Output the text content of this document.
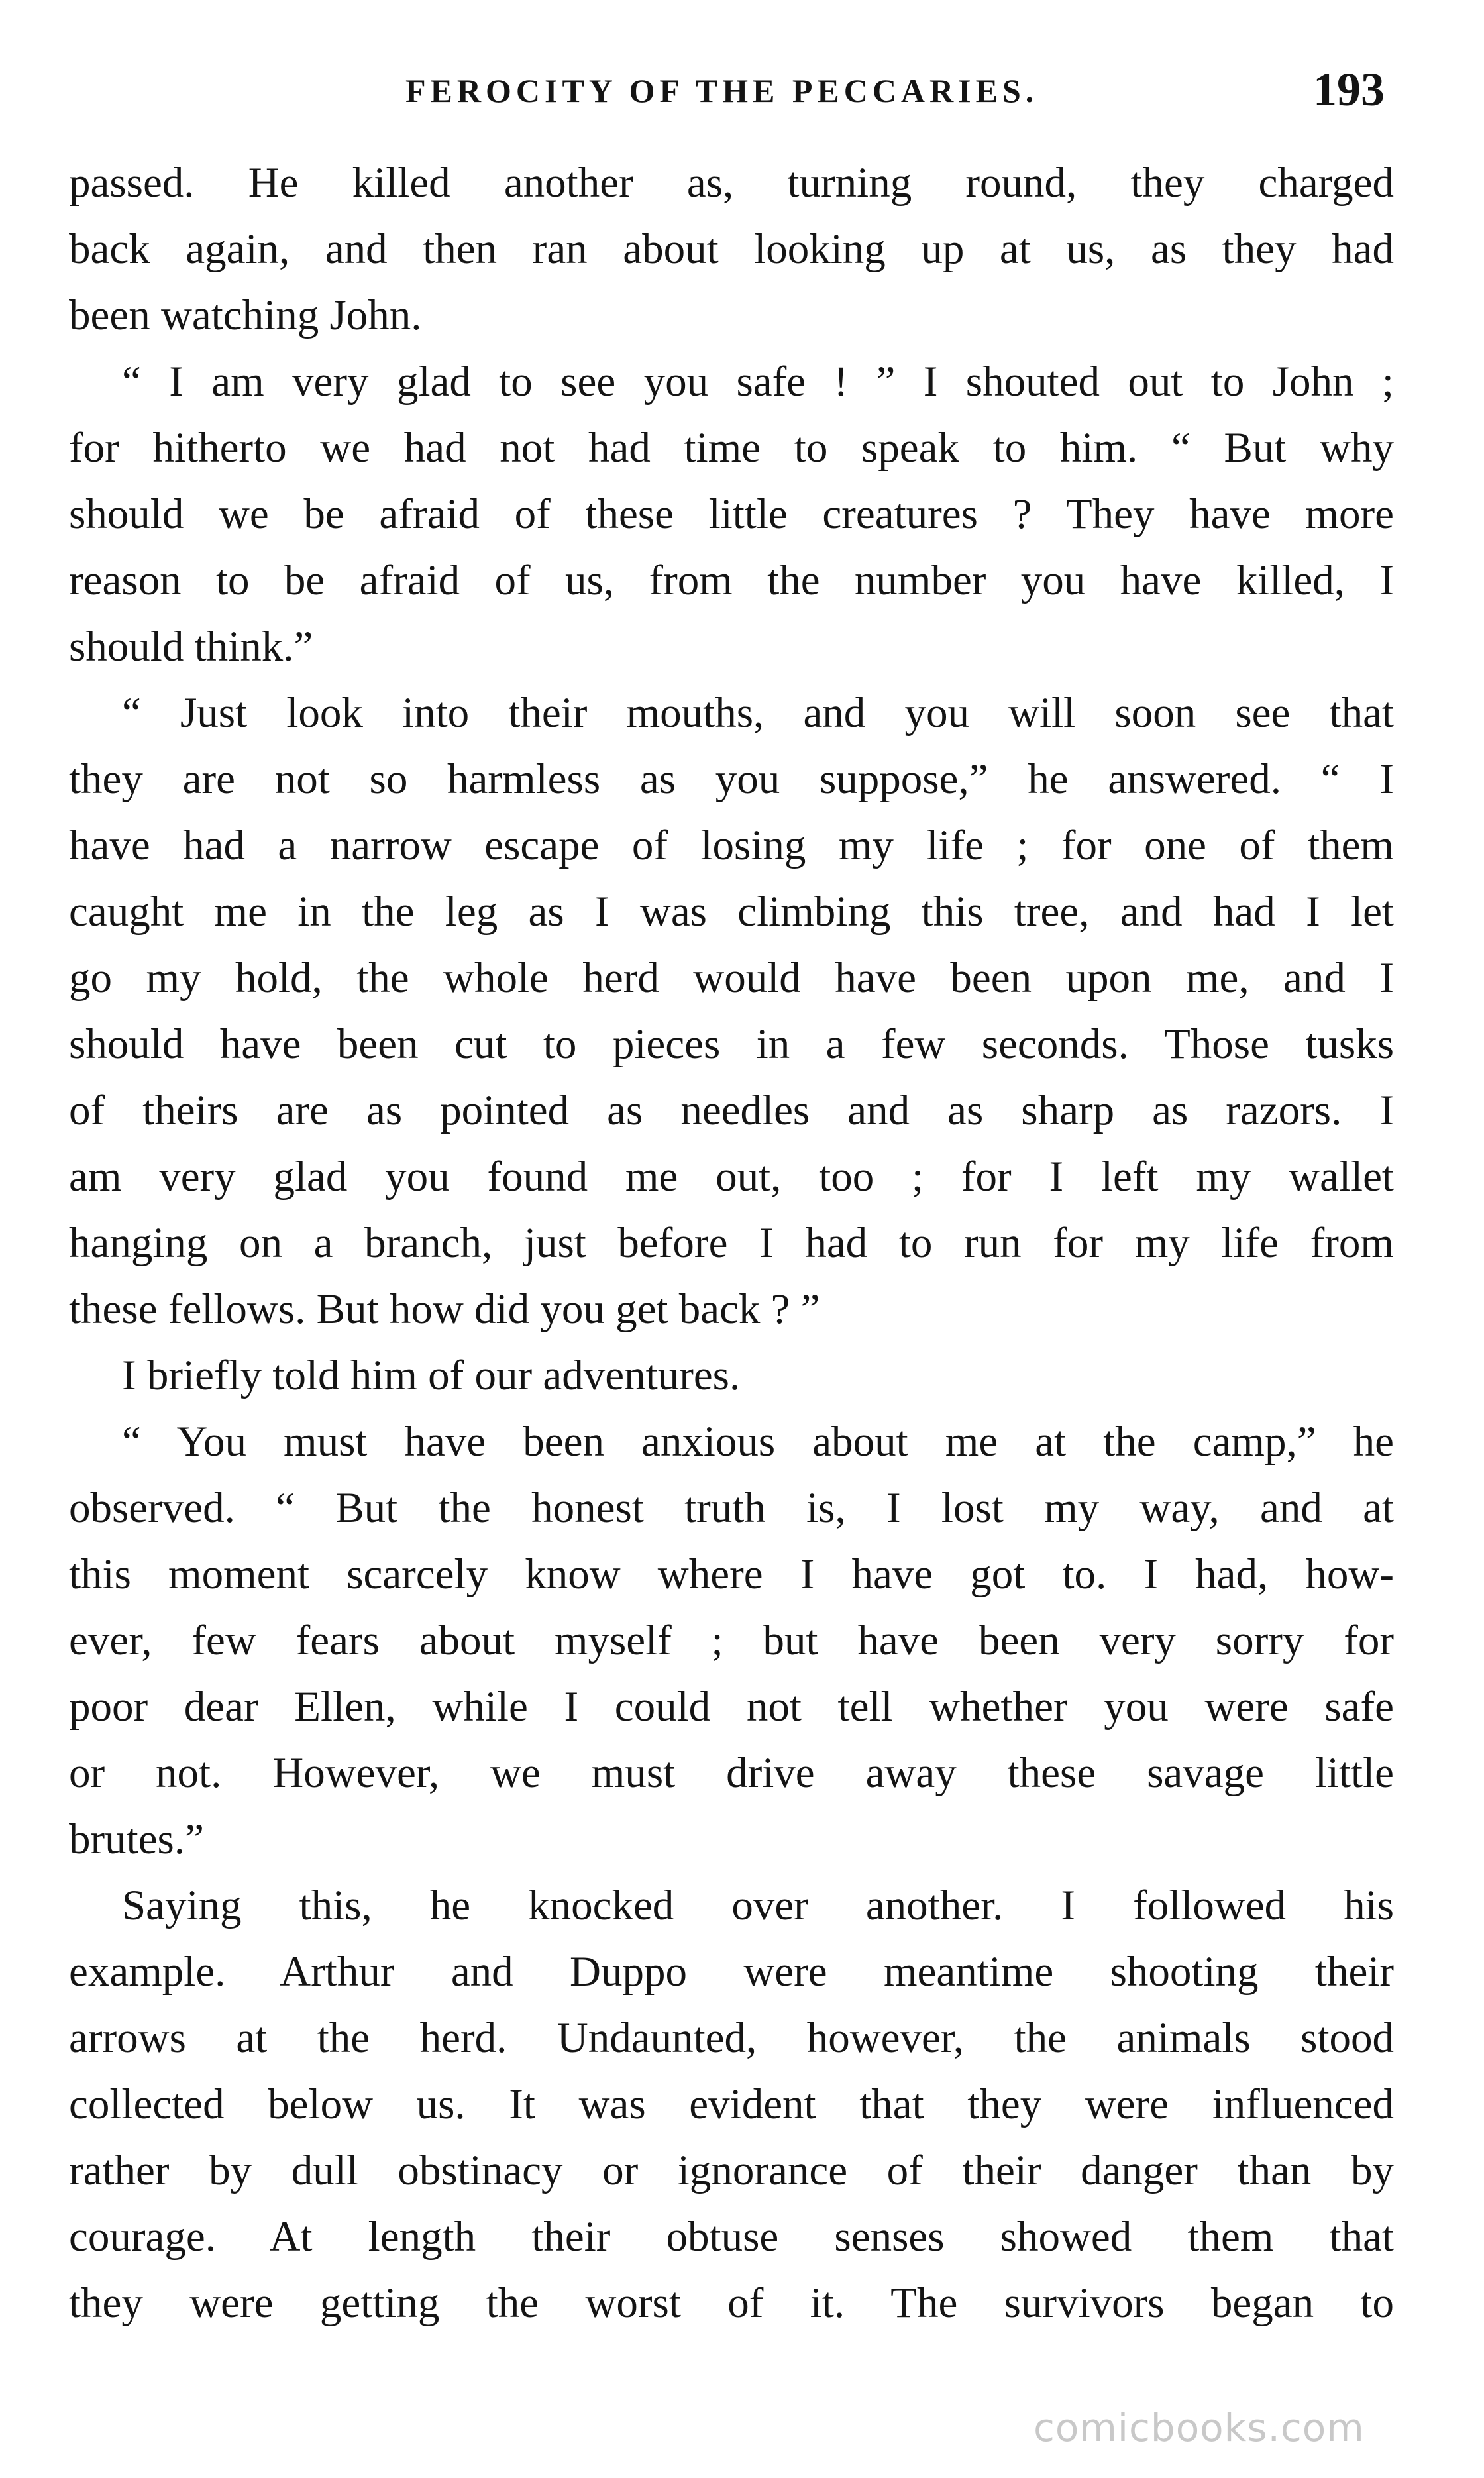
FEROCITY OF THE PECCARIES.	193
passed. He killed another as, turning round, they charged
back again, and then ran about looking up at us, as they had
been watching John.
“ I am very glad to see you safe ! ” I shouted out to John ;
for hitherto we had not had time to speak to him. “ But why
should we be afraid of these little creatures ? They have more
reason to be afraid of us, from the number you have killed, I
should think.”
“ Just look into their mouths, and you will soon see that
they are not so harmless as you suppose,” he answered. “ I
have had a narrow escape of losing my life ; for one of them
caught me in the leg as I was climbing this tree, and had I let
go my hold, the whole herd would have been upon me, and I
should have been cut to pieces in a few seconds. Those tusks
of theirs are as pointed as needles and as sharp as razors. I
am very glad you found me out, too ; for I left my wallet
hanging on a branch, just before I had to run for my life from
these fellows. But how did you get back ? ”
I briefly told him of our adventures.
“ You must have been anxious about me at the camp,” he
observed. “ But the honest truth is, I lost my way, and at
this moment scarcely know where I have got to. I had, how-
ever, few fears about myself ; but have been very sorry for
poor dear Ellen, while I could not tell whether you were safe
or not. However, we must drive away these savage little
brutes.”
Saying this, he knocked over another. I followed his
example. Arthur and Duppo were meantime shooting their
arrows at the herd. Undaunted, however, the animals stood
collected below us. It was evident that they were influenced
rather by dull obstinacy or ignorance of their danger than by
courage. At length their obtuse senses showed them that
they were getting the worst of it. The survivors began to
comicbooks.com
